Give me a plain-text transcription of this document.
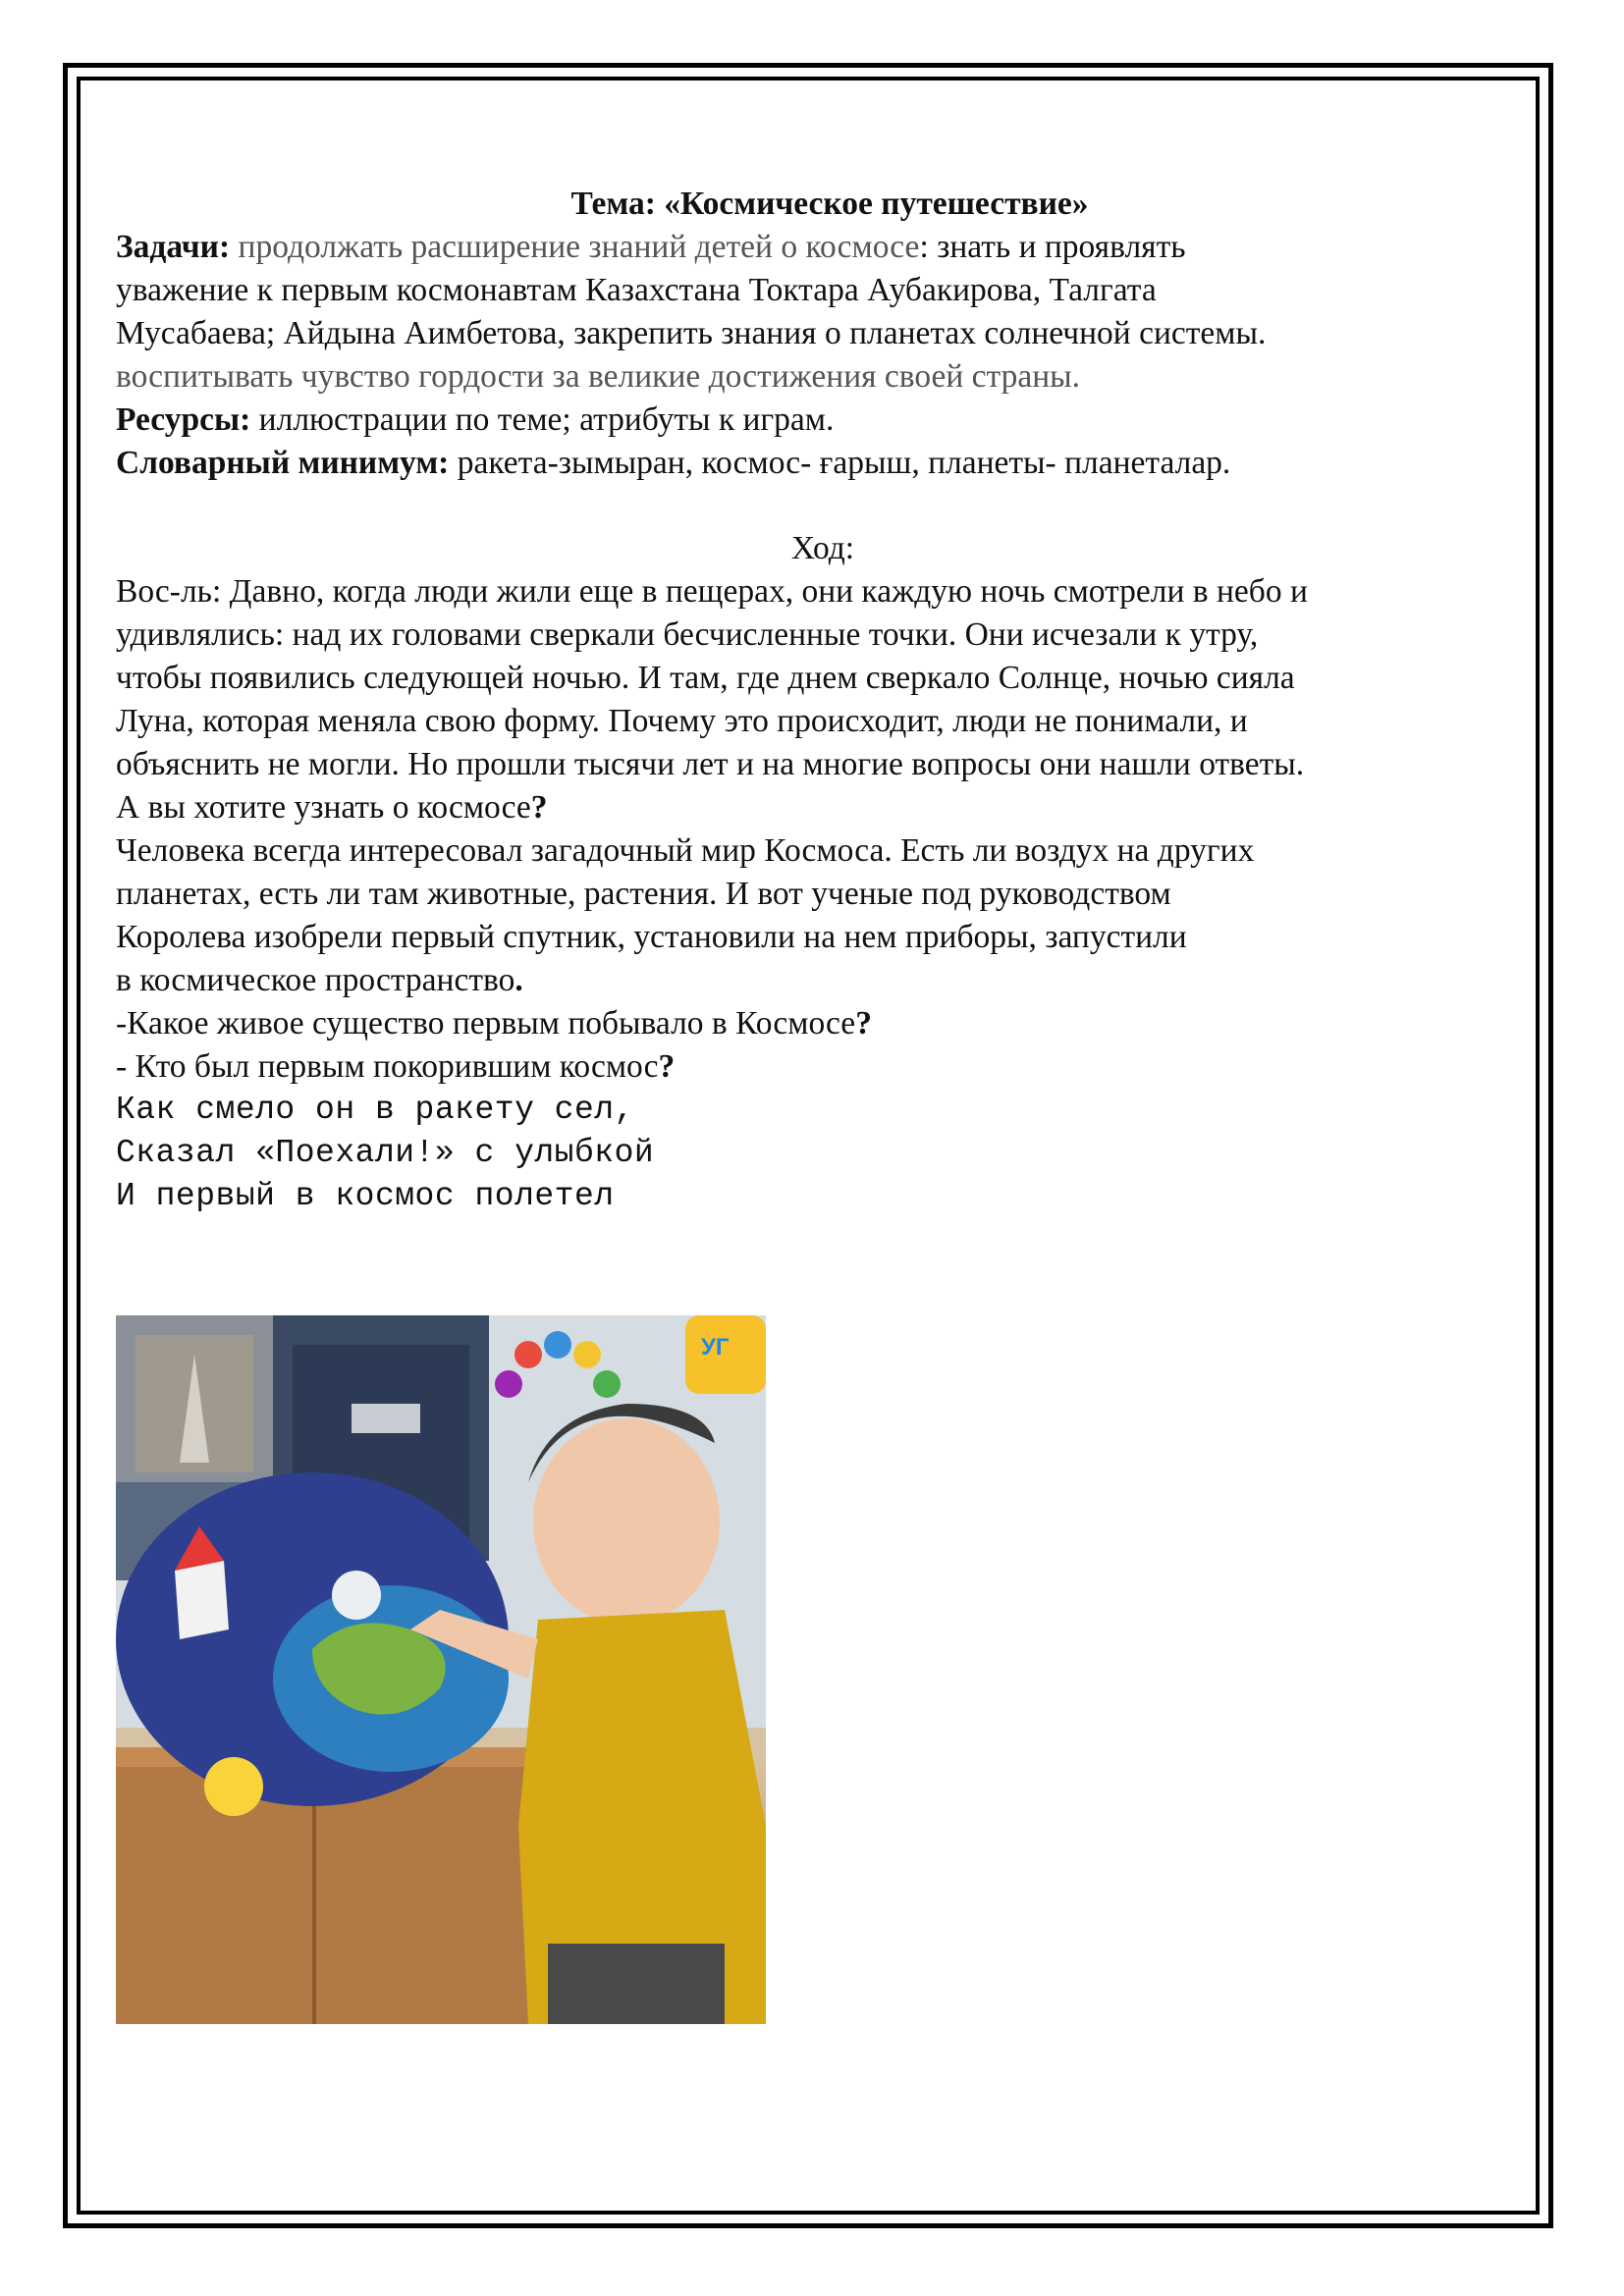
Тема: «Космическое путешествие»

Задачи: продолжать расширение знаний детей о космосе: знать и проявлять

уважение к первым космонавтам Казахстана Токтара Аубакирова, Талгата

Мусабаева; Айдына Аимбетова, закрепить знания о планетах солнечной системы.

воспитывать чувство гордости за великие достижения своей страны.

Ресурсы: иллюстрации по теме; атрибуты к играм.

Словарный минимум: ракета-зымыран, космос- ғарыш, планеты- планеталар.

Ход:

Вос-ль: Давно, когда люди жили еще в пещерах, они каждую ночь смотрели в небо и

удивлялись: над их головами сверкали бесчисленные точки. Они исчезали к утру,

чтобы появились следующей ночью. И там, где днем сверкало Солнце, ночью сияла

Луна, которая меняла свою форму. Почему это происходит, люди не понимали, и

объяснить не могли. Но прошли тысячи лет и на многие вопросы они нашли ответы.

А вы хотите узнать о космосе?

Человека всегда интересовал загадочный мир Космоса. Есть ли воздух на других

планетах, есть ли там животные, растения. И вот ученые под руководством

Королева изобрели первый спутник, установили на нем приборы, запустили

в космическое пространство.

-Какое живое существо первым побывало в Космосе?

- Кто был первым покорившим космос?

Как смело он в ракету сел,

Сказал «Поехали!» с улыбкой

И первый в космос полетел

УГ
